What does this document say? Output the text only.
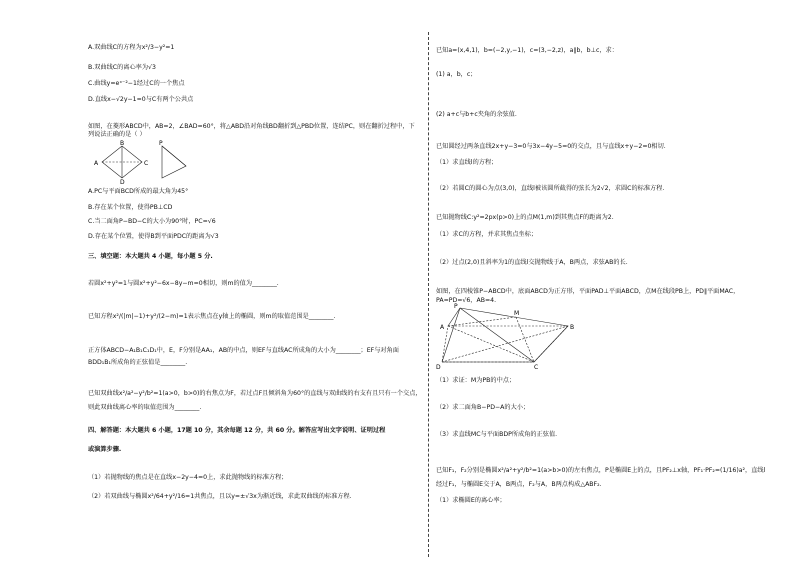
A.双曲线C的方程为x²/3−y²=1
B.双曲线C的离心率为√3
C.曲线y=eˣ⁻²−1经过C的一个焦点
D.直线x−√2y−1=0与C有两个公共点
如图，在菱形ABCD中，AB=2，∠BAD=60°，将△ABD沿对角线BD翻折到△PBD位置，连结PC，则在翻折过程中，下列说法正确的是（ ）
A
B
C
D
P
A.PC与平面BCD所成的最大角为45°
B.存在某个位置，使得PB⊥CD
C.当二面角P−BD−C的大小为90°时，PC=√6
D.存在某个位置，使得B到平面PDC的距离为√3
三、填空题：本大题共 4 小题，每小题 5 分.
若圆x²+y²=1与圆x²+y²−6x−8y−m=0相切，则m的值为________.
已知方程x²/(|m|−1)+y²/(2−m)=1表示焦点在y轴上的椭圆，则m的取值范围是________.
正方体ABCD−A₁B₁C₁D₁中，E，F分别是AA₁，AB的中点，则EF与直线AC所成角的大小为________；EF与对角面
BDD₁B₁所成角的正弦值是________.
已知双曲线x²/a²−y²/b²=1(a>0，b>0)的右焦点为F，若过点F且倾斜角为60°的直线与双曲线的右支有且只有一个交点，
则此双曲线离心率的取值范围为________.
四、解答题：本大题共 6 小题，17题 10 分，其余每题 12 分，共 60 分。解答应写出文字说明、证明过程
或演算步骤.
（1）若抛物线的焦点是在直线x−2y−4=0上，求此抛物线的标准方程；
（2）若双曲线与椭圆x²/64+y²/16=1共焦点，且以y=±√3x为渐近线，求此双曲线的标准方程.
已知a=(x,4,1)，b=(−2,y,−1)，c=(3,−2,z)，a∥b，b⊥c，求：
(1) a，b，c；
(2) a+c与b+c夹角的余弦值.
已知圆经过两条直线2x+y−3=0与3x−4y−5=0的交点，且与直线x+y−2=0相切.
（1）求直线l的方程；
（2）若圆C的圆心为点(3,0)，直线l被该圆所截得的弦长为2√2，求圆C的标准方程.
已知抛物线C:y²=2px(p>0)上的点M(1,m)到其焦点F的距离为2.
（1）求C的方程，并求其焦点坐标；
（2）过点(2,0)且斜率为1的直线l交抛物线于A，B两点，求弦AB的长.
如图，在四棱锥P−ABCD中，底面ABCD为正方形，平面PAD⊥平面ABCD，点M在线段PB上，PD∥平面MAC，
PA=PD=√6，AB=4.
P
M
A	B
C
D
（1）求证：M为PB的中点；
（2）求二面角B−PD−A的大小；
（3）求直线MC与平面BDP所成角的正弦值.
已知F₁，F₂分别是椭圆x²/a²+y²/b²=1(a>b>0)的左右焦点，P是椭圆E上的点，且PF₂⊥x轴，PF₁·PF₂=(1/16)a²，直线l
经过F₁，与椭圆E交于A，B两点，F₂与A，B两点构成△ABF₂.
（1）求椭圆E的离心率；
